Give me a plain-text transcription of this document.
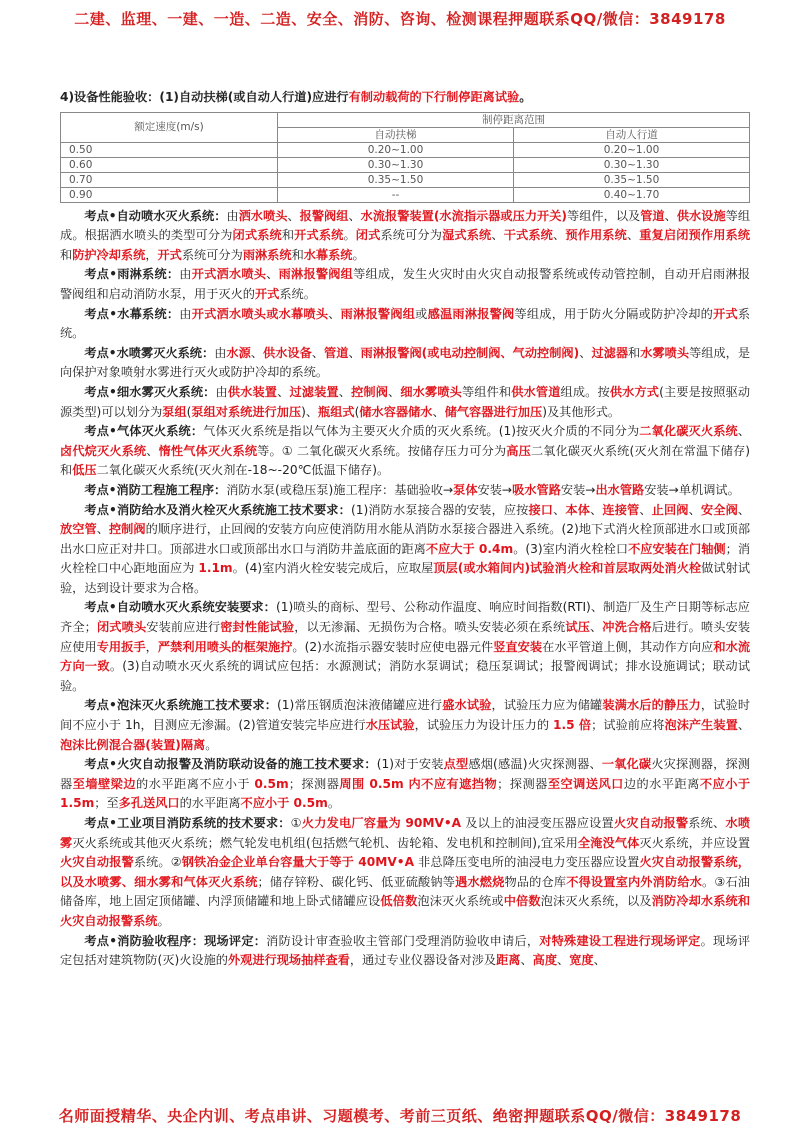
二建、监理、一建、一造、二造、安全、消防、咨询、检测课程押题联系QQ/微信：3849178
4)设备性能验收：(1)自动扶梯(或自动人行道)应进行有制动载荷的下行制停距离试验。
额定速度(m/s)	制停距离范围	
	自动扶梯	自动人行道
0.50	0.20~1.00	0.20~1.00
0.60	0.30~1.30	0.30~1.30
0.70	0.35~1.50	0.35~1.50
0.90	--	0.40~1.70
考点•自动喷水灭火系统：由洒水喷头、报警阀组、水流报警装置(水流指示器或压力开关)等组件，以及管道、供水设施等组成。根据洒水喷头的类型可分为闭式系统和开式系统。闭式系统可分为湿式系统、干式系统、预作用系统、重复启闭预作用系统和防护冷却系统，开式系统可分为雨淋系统和水幕系统。
考点•雨淋系统：由开式洒水喷头、雨淋报警阀组等组成，发生火灾时由火灾自动报警系统或传动管控制，自动开启雨淋报警阀组和启动消防水泵，用于灭火的开式系统。
考点•水幕系统：由开式洒水喷头或水幕喷头、雨淋报警阀组或感温雨淋报警阀等组成，用于防火分隔或防护冷却的开式系统。
考点•水喷雾灭火系统：由水源、供水设备、管道、雨淋报警阀(或电动控制阀、气动控制阀)、过滤器和水雾喷头等组成，是向保护对象喷射水雾进行灭火或防护冷却的系统。
考点•细水雾灭火系统：由供水装置、过滤装置、控制阀、细水雾喷头等组件和供水管道组成。按供水方式(主要是按照驱动源类型)可以划分为泵组(泵组对系统进行加压)、瓶组式(储水容器储水、储气容器进行加压)及其他形式。
考点•气体灭火系统：气体灭火系统是指以气体为主要灭火介质的灭火系统。(1)按灭火介质的不同分为二氧化碳灭火系统、卤代烷灭火系统、惰性气体灭火系统等。① 二氧化碳灭火系统。按储存压力可分为高压二氧化碳灭火系统(灭火剂在常温下储存)和低压二氧化碳灭火系统(灭火剂在-18~-20℃低温下储存)。
考点•消防工程施工程序：消防水泵(或稳压泵)施工程序：基础验收→泵体安装→吸水管路安装→出水管路安装→单机调试。
考点•消防给水及消火栓灭火系统施工技术要求：(1)消防水泵接合器的安装，应按接口、本体、连接管、止回阀、安全阀、放空管、控制阀的顺序进行，止回阀的安装方向应使消防用水能从消防水泵接合器进入系统。(2)地下式消火栓顶部进水口或顶部出水口应正对井口。顶部进水口或顶部出水口与消防井盖底面的距离不应大于 0.4m。(3)室内消火栓栓口不应安装在门轴侧；消火栓栓口中心距地面应为 1.1m。(4)室内消火栓安装完成后，应取屋顶层(或水箱间内)试验消火栓和首层取两处消火栓做试射试验，达到设计要求为合格。
考点•自动喷水灭火系统安装要求：(1)喷头的商标、型号、公称动作温度、响应时间指数(RTI)、制造厂及生产日期等标志应齐全；闭式喷头安装前应进行密封性能试验，以无渗漏、无损伤为合格。喷头安装必须在系统试压、冲洗合格后进行。喷头安装应使用专用扳手，严禁利用喷头的框架施拧。(2)水流指示器安装时应使电器元件竖直安装在水平管道上侧，其动作方向应和水流方向一致。(3)自动喷水灭火系统的调试应包括：水源测试；消防水泵调试；稳压泵调试；报警阀调试；排水设施调试；联动试验。
考点•泡沫灭火系统施工技术要求：(1)常压钢质泡沫液储罐应进行盛水试验，试验压力应为储罐装满水后的静压力，试验时间不应小于 1h，目测应无渗漏。(2)管道安装完毕应进行水压试验，试验压力为设计压力的 1.5 倍；试验前应将泡沫产生装置、泡沫比例混合器(装置)隔离。
考点•火灾自动报警及消防联动设备的施工技术要求：(1)对于安装点型感烟(感温)火灾探测器、一氧化碳火灾探测器，探测器至墙壁梁边的水平距离不应小于 0.5m；探测器周围 0.5m 内不应有遮挡物；探测器至空调送风口边的水平距离不应小于 1.5m；至多孔送风口的水平距离不应小于 0.5m。
考点•工业项目消防系统的技术要求：①火力发电厂容量为 90MV•A 及以上的油浸变压器应设置火灾自动报警系统、水喷雾灭火系统或其他灭火系统；燃气轮发电机组(包括燃气轮机、齿轮箱、发电机和控制间),宜采用全淹没气体灭火系统，并应设置火灾自动报警系统。②钢铁冶金企业单台容量大于等于 40MV•A 非总降压变电所的油浸电力变压器应设置火灾自动报警系统，以及水喷雾、细水雾和气体灭火系统；储存锌粉、碳化钙、低亚硫酸钠等遇水燃烧物品的仓库不得设置室内外消防给水。③石油储备库，地上固定顶储罐、内浮顶储罐和地上卧式储罐应设低倍数泡沫灭火系统或中倍数泡沫灭火系统，以及消防冷却水系统和火灾自动报警系统。
考点•消防验收程序：现场评定：消防设计审查验收主管部门受理消防验收申请后，对特殊建设工程进行现场评定。现场评定包括对建筑物防(灭)火设施的外观进行现场抽样查看，通过专业仪器设备对涉及距离、高度、宽度、
名师面授精华、央企内训、考点串讲、习题模考、考前三页纸、绝密押题联系QQ/微信：3849178
